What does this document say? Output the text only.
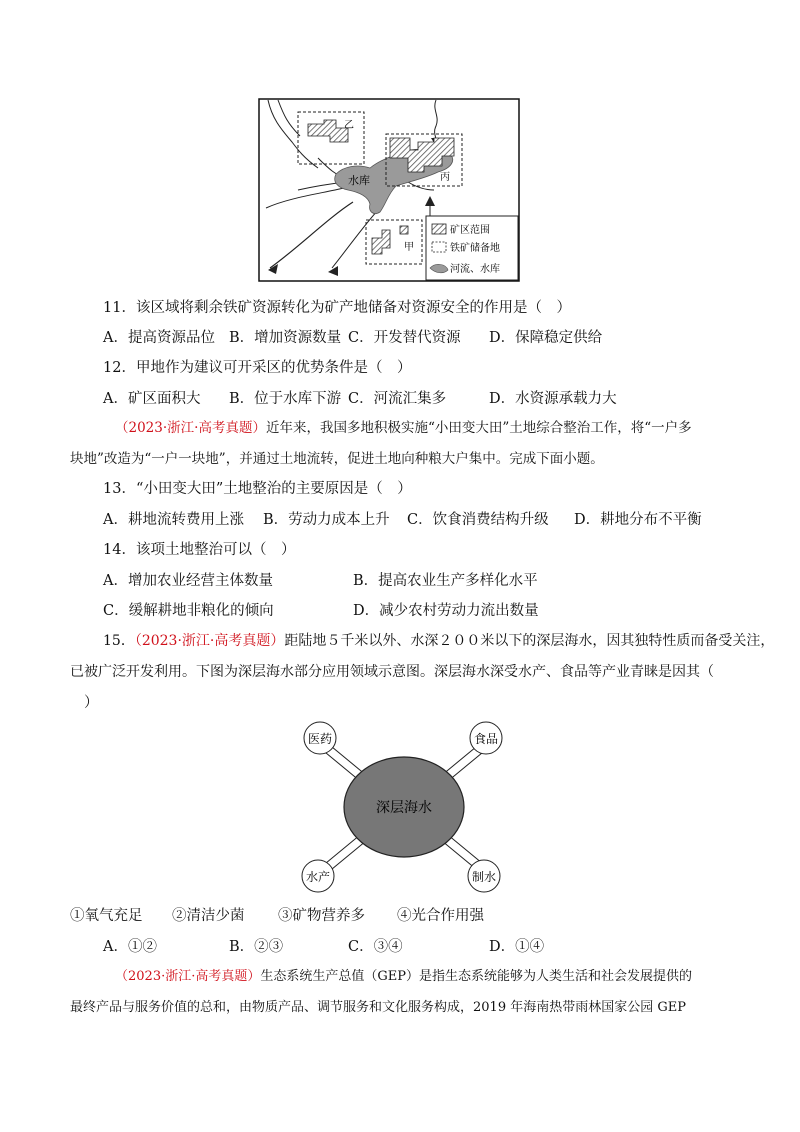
水库
乙
丙
甲
矿区范围
铁矿储备地
河流、水库
11．该区域将剩余铁矿资源转化为矿产地储备对资源安全的作用是（　）
A．提高资源品位 B．增加资源数量 C．开发替代资源 D．保障稳定供给
12．甲地作为建议可开采区的优势条件是（　）
A．矿区面积大 B．位于水库下游 C．河流汇集多	D．水资源承载力大
（2023·浙江·高考真题）近年来，我国多地积极实施“小田变大田”土地综合整治工作，将“一户多
块地”改造为“一户一块地”，并通过土地流转，促进土地向种粮大户集中。完成下面小题。
13．“小田变大田”土地整治的主要原因是（　）
A．耕地流转费用上涨 B．劳动力成本上升 C．饮食消费结构升级 D．耕地分布不平衡
14．该项土地整治可以（　）
A．增加农业经营主体数量	B．提高农业生产多样化水平
C．缓解耕地非粮化的倾向	D．减少农村劳动力流出数量
15．（2023·浙江·高考真题）距陆地５千米以外、水深２００米以下的深层海水，因其独特性质而备受关注，
已被广泛开发利用。下图为深层海水部分应用领域示意图。深层海水深受水产、食品等产业青睐是因其（
）
深层海水
医药	食品
水产	制水
①氧气充足 ②清洁少菌 ③矿物营养多 ④光合作用强
A．①②	B．②③	C．③④	D．①④
（2023·浙江·高考真题）生态系统生产总值（GEP）是指生态系统能够为人类生活和社会发展提供的
最终产品与服务价值的总和，由物质产品、调节服务和文化服务构成，2019 年海南热带雨林国家公园 GEP
